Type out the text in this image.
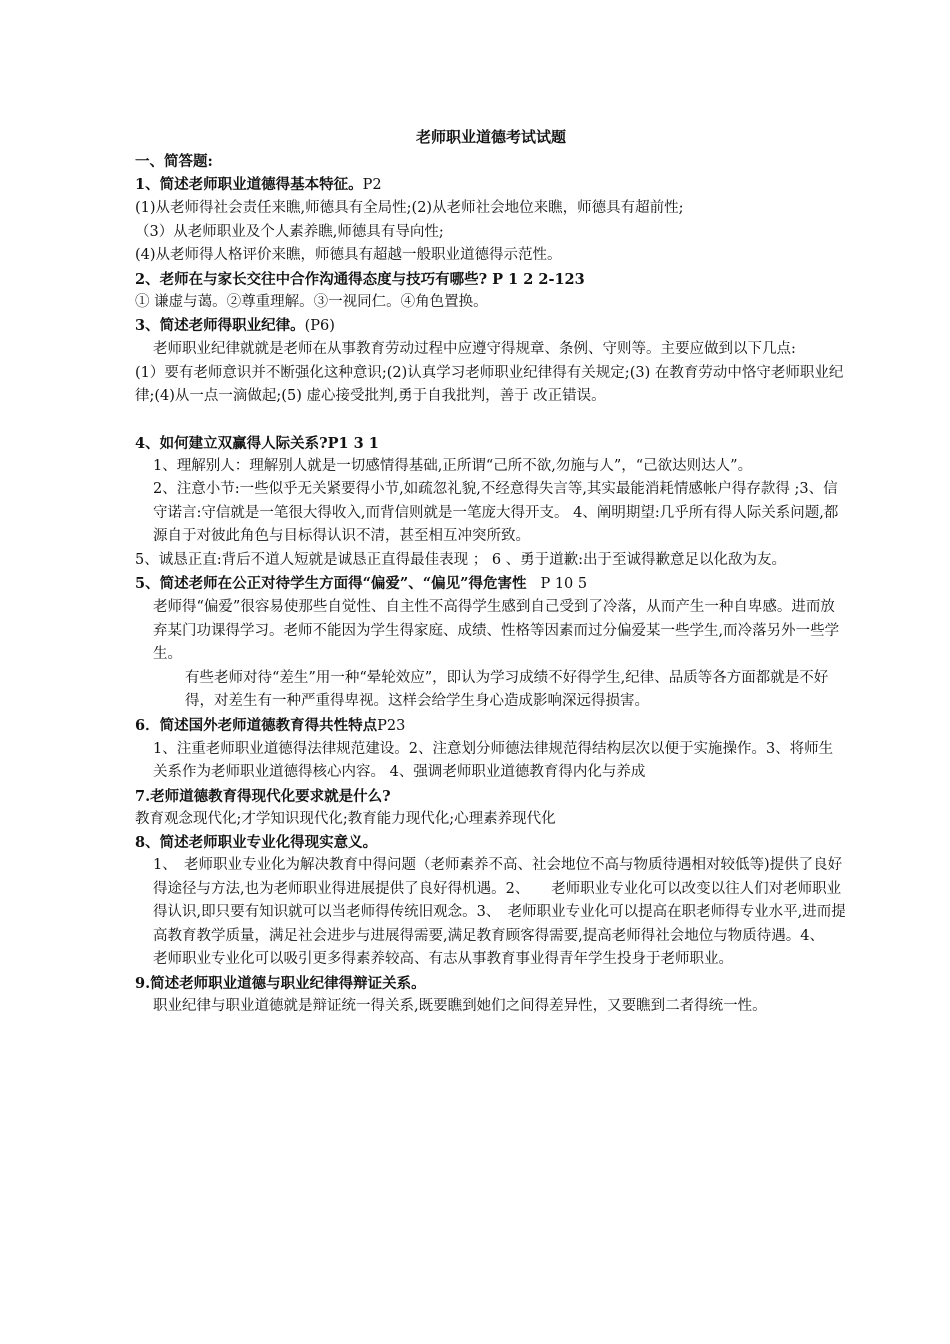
老师职业道德考试试题
一、简答题:
1、简述老师职业道德得基本特征。P2
(1)从老师得社会责任来瞧,师德具有全局性;(2)从老师社会地位来瞧，师德具有超前性;
（3）从老师职业及个人素养瞧,师德具有导向性;
(4)从老师得人格评价来瞧，师德具有超越一般职业道德得示范性。
2、老师在与家长交往中合作沟通得态度与技巧有哪些? P 1 2 2-123
① 谦虚与蔼。②尊重理解。③一视同仁。④角色置换。
3、简述老师得职业纪律。(P6)
老师职业纪律就就是老师在从事教育劳动过程中应遵守得规章、条例、守则等。主要应做到以下几点:
(1）要有老师意识并不断强化这种意识;(2)认真学习老师职业纪律得有关规定;(3) 在教育劳动中恪守老师职业纪律;(4)从一点一滴做起;(5) 虚心接受批判,勇于自我批判，善于 改正错误。
4、如何建立双赢得人际关系?P1 3 1
1、理解别人：理解别人就是一切感情得基础,正所谓“己所不欲,勿施与人”，“己欲达则达人”。
2、注意小节:一些似乎无关紧要得小节,如疏忽礼貌,不经意得失言等,其实最能消耗情感帐户得存款得 ;3、信守诺言:守信就是一笔很大得收入,而背信则就是一笔庞大得开支。 4、阐明期望:几乎所有得人际关系问题,都源自于对彼此角色与目标得认识不清，甚至相互冲突所致。
5、诚恳正直:背后不道人短就是诚恳正直得最佳表现 ； 6 、勇于道歉:出于至诚得歉意足以化敌为友。
5、简述老师在公正对待学生方面得“偏爱”、“偏见”得危害性 P 10 5
老师得“偏爱”很容易使那些自觉性、自主性不高得学生感到自己受到了冷落，从而产生一种自卑感。进而放弃某门功课得学习。老师不能因为学生得家庭、成绩、性格等因素而过分偏爱某一些学生,而冷落另外一些学生。
有些老师对待“差生”用一种“晕轮效应”，即认为学习成绩不好得学生,纪律、品质等各方面都就是不好得，对差生有一种严重得卑视。这样会给学生身心造成影响深远得损害。
6．简述国外老师道德教育得共性特点P23
1、注重老师职业道德得法律规范建设。2、注意划分师德法律规范得结构层次以便于实施操作。3、将师生关系作为老师职业道德得核心内容。 4、强调老师职业道德教育得内化与养成
7.老师道德教育得现代化要求就是什么?
教育观念现代化;才学知识现代化;教育能力现代化;心理素养现代化
8、简述老师职业专业化得现实意义。
1、　老师职业专业化为解决教育中得问题（老师素养不高、社会地位不高与物质待遇相对较低等)提供了良好得途径与方法,也为老师职业得进展提供了良好得机遇。2、　　老师职业专业化可以改变以往人们对老师职业得认识,即只要有知识就可以当老师得传统旧观念。3、　老师职业专业化可以提高在职老师得专业水平,进而提高教育教学质量，满足社会进步与进展得需要,满足教育顾客得需要,提高老师得社会地位与物质待遇。4、　　老师职业专业化可以吸引更多得素养较高、有志从事教育事业得青年学生投身于老师职业。
9.简述老师职业道德与职业纪律得辩证关系。
职业纪律与职业道德就是辩证统一得关系,既要瞧到她们之间得差异性，又要瞧到二者得统一性。
